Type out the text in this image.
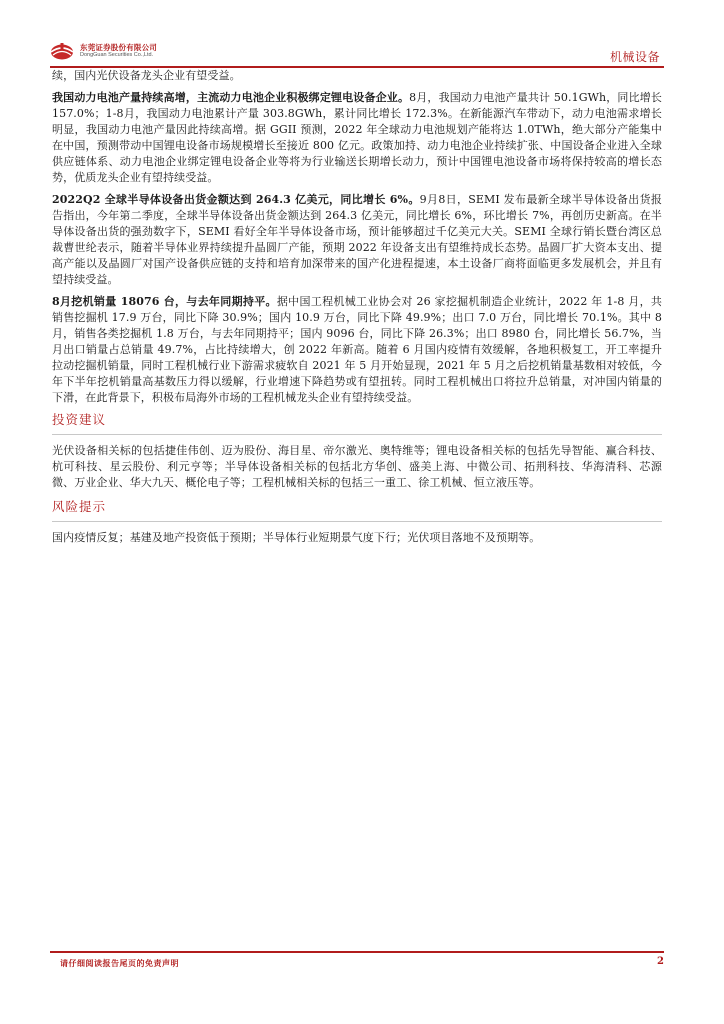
东莞证券股份有限公司
DongGuan Securities Co.,Ltd.	机械设备

续，国内光伏设备龙头企业有望受益。

我国动力电池产量持续高增，主流动力电池企业积极绑定锂电设备企业。8月，我国动力电池产量共计 50.1GWh，同比增长 157.0%；1-8月，我国动力电池累计产量 303.8GWh，累计同比增长 172.3%。在新能源汽车带动下，动力电池需求增长明显，我国动力电池产量因此持续高增。据 GGII 预测，2022 年全球动力电池规划产能将达 1.0TWh，绝大部分产能集中在中国，预测带动中国锂电设备市场规模增长至接近 800 亿元。政策加持、动力电池企业持续扩张、中国设备企业进入全球供应链体系、动力电池企业绑定锂电设备企业等将为行业输送长期增长动力，预计中国锂电池设备市场将保持较高的增长态势，优质龙头企业有望持续受益。

2022Q2 全球半导体设备出货金额达到 264.3 亿美元，同比增长 6%。9月8日，SEMI 发布最新全球半导体设备出货报告指出，今年第二季度，全球半导体设备出货金额达到 264.3 亿美元，同比增长 6%，环比增长 7%，再创历史新高。在半导体设备出货的强劲数字下，SEMI 看好全年半导体设备市场，预计能够超过千亿美元大关。SEMI 全球行销长暨台湾区总裁曹世纶表示，随着半导体业界持续提升晶圆厂产能，预期 2022 年设备支出有望维持成长态势。晶圆厂扩大资本支出、提高产能以及晶圆厂对国产设备供应链的支持和培育加深带来的国产化进程提速，本土设备厂商将面临更多发展机会，并且有望持续受益。

8月挖机销量 18076 台，与去年同期持平。据中国工程机械工业协会对 26 家挖掘机制造企业统计，2022 年 1-8 月，共销售挖掘机 17.9 万台，同比下降 30.9%；国内 10.9 万台，同比下降 49.9%；出口 7.0 万台，同比增长 70.1%。其中 8 月，销售各类挖掘机 1.8 万台，与去年同期持平；国内 9096 台，同比下降 26.3%；出口 8980 台，同比增长 56.7%，当月出口销量占总销量 49.7%，占比持续增大，创 2022 年新高。随着 6 月国内疫情有效缓解，各地积极复工，开工率提升拉动挖掘机销量，同时工程机械行业下游需求疲软自 2021 年 5 月开始显现，2021 年 5 月之后挖机销量基数相对较低，今年下半年挖机销量高基数压力得以缓解，行业增速下降趋势或有望扭转。同时工程机械出口将拉升总销量，对冲国内销量的下滑，在此背景下，积极布局海外市场的工程机械龙头企业有望持续受益。

投资建议

光伏设备相关标的包括捷佳伟创、迈为股份、海目星、帝尔激光、奥特维等；锂电设备相关标的包括先导智能、赢合科技、杭可科技、星云股份、利元亨等；半导体设备相关标的包括北方华创、盛美上海、中微公司、拓荆科技、华海清科、芯源微、万业企业、华大九天、概伦电子等；工程机械相关标的包括三一重工、徐工机械、恒立液压等。

风险提示

国内疫情反复；基建及地产投资低于预期；半导体行业短期景气度下行；光伏项目落地不及预期等。

请仔细阅读报告尾页的免责声明	2
